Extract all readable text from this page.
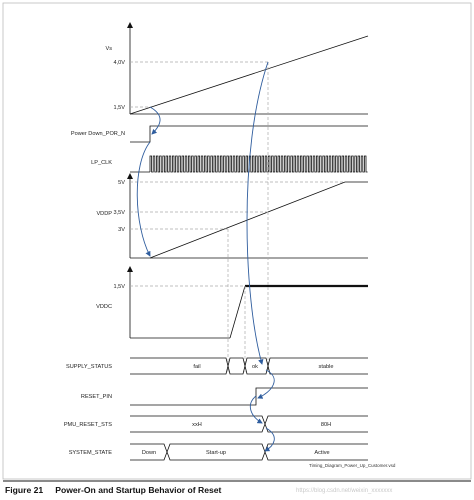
Vs
4,0V
1,5V
Power Down_POR_N
LP_CLK
5V
3,5V
3V
VDDP
1,5V
VDDC
SUPPLY_STATUS	fail	ok	stable
RESET_PIN
PMU_RESET_STS	xxH	80H
SYSTEM_STATE	Down	Start-up	Active
Timing_Diagram_Power_Up_Customer.vsd
https://blog.csdn.net/weixin_xxxxxxx
Figure 21 Power-On and Startup Behavior of Reset
